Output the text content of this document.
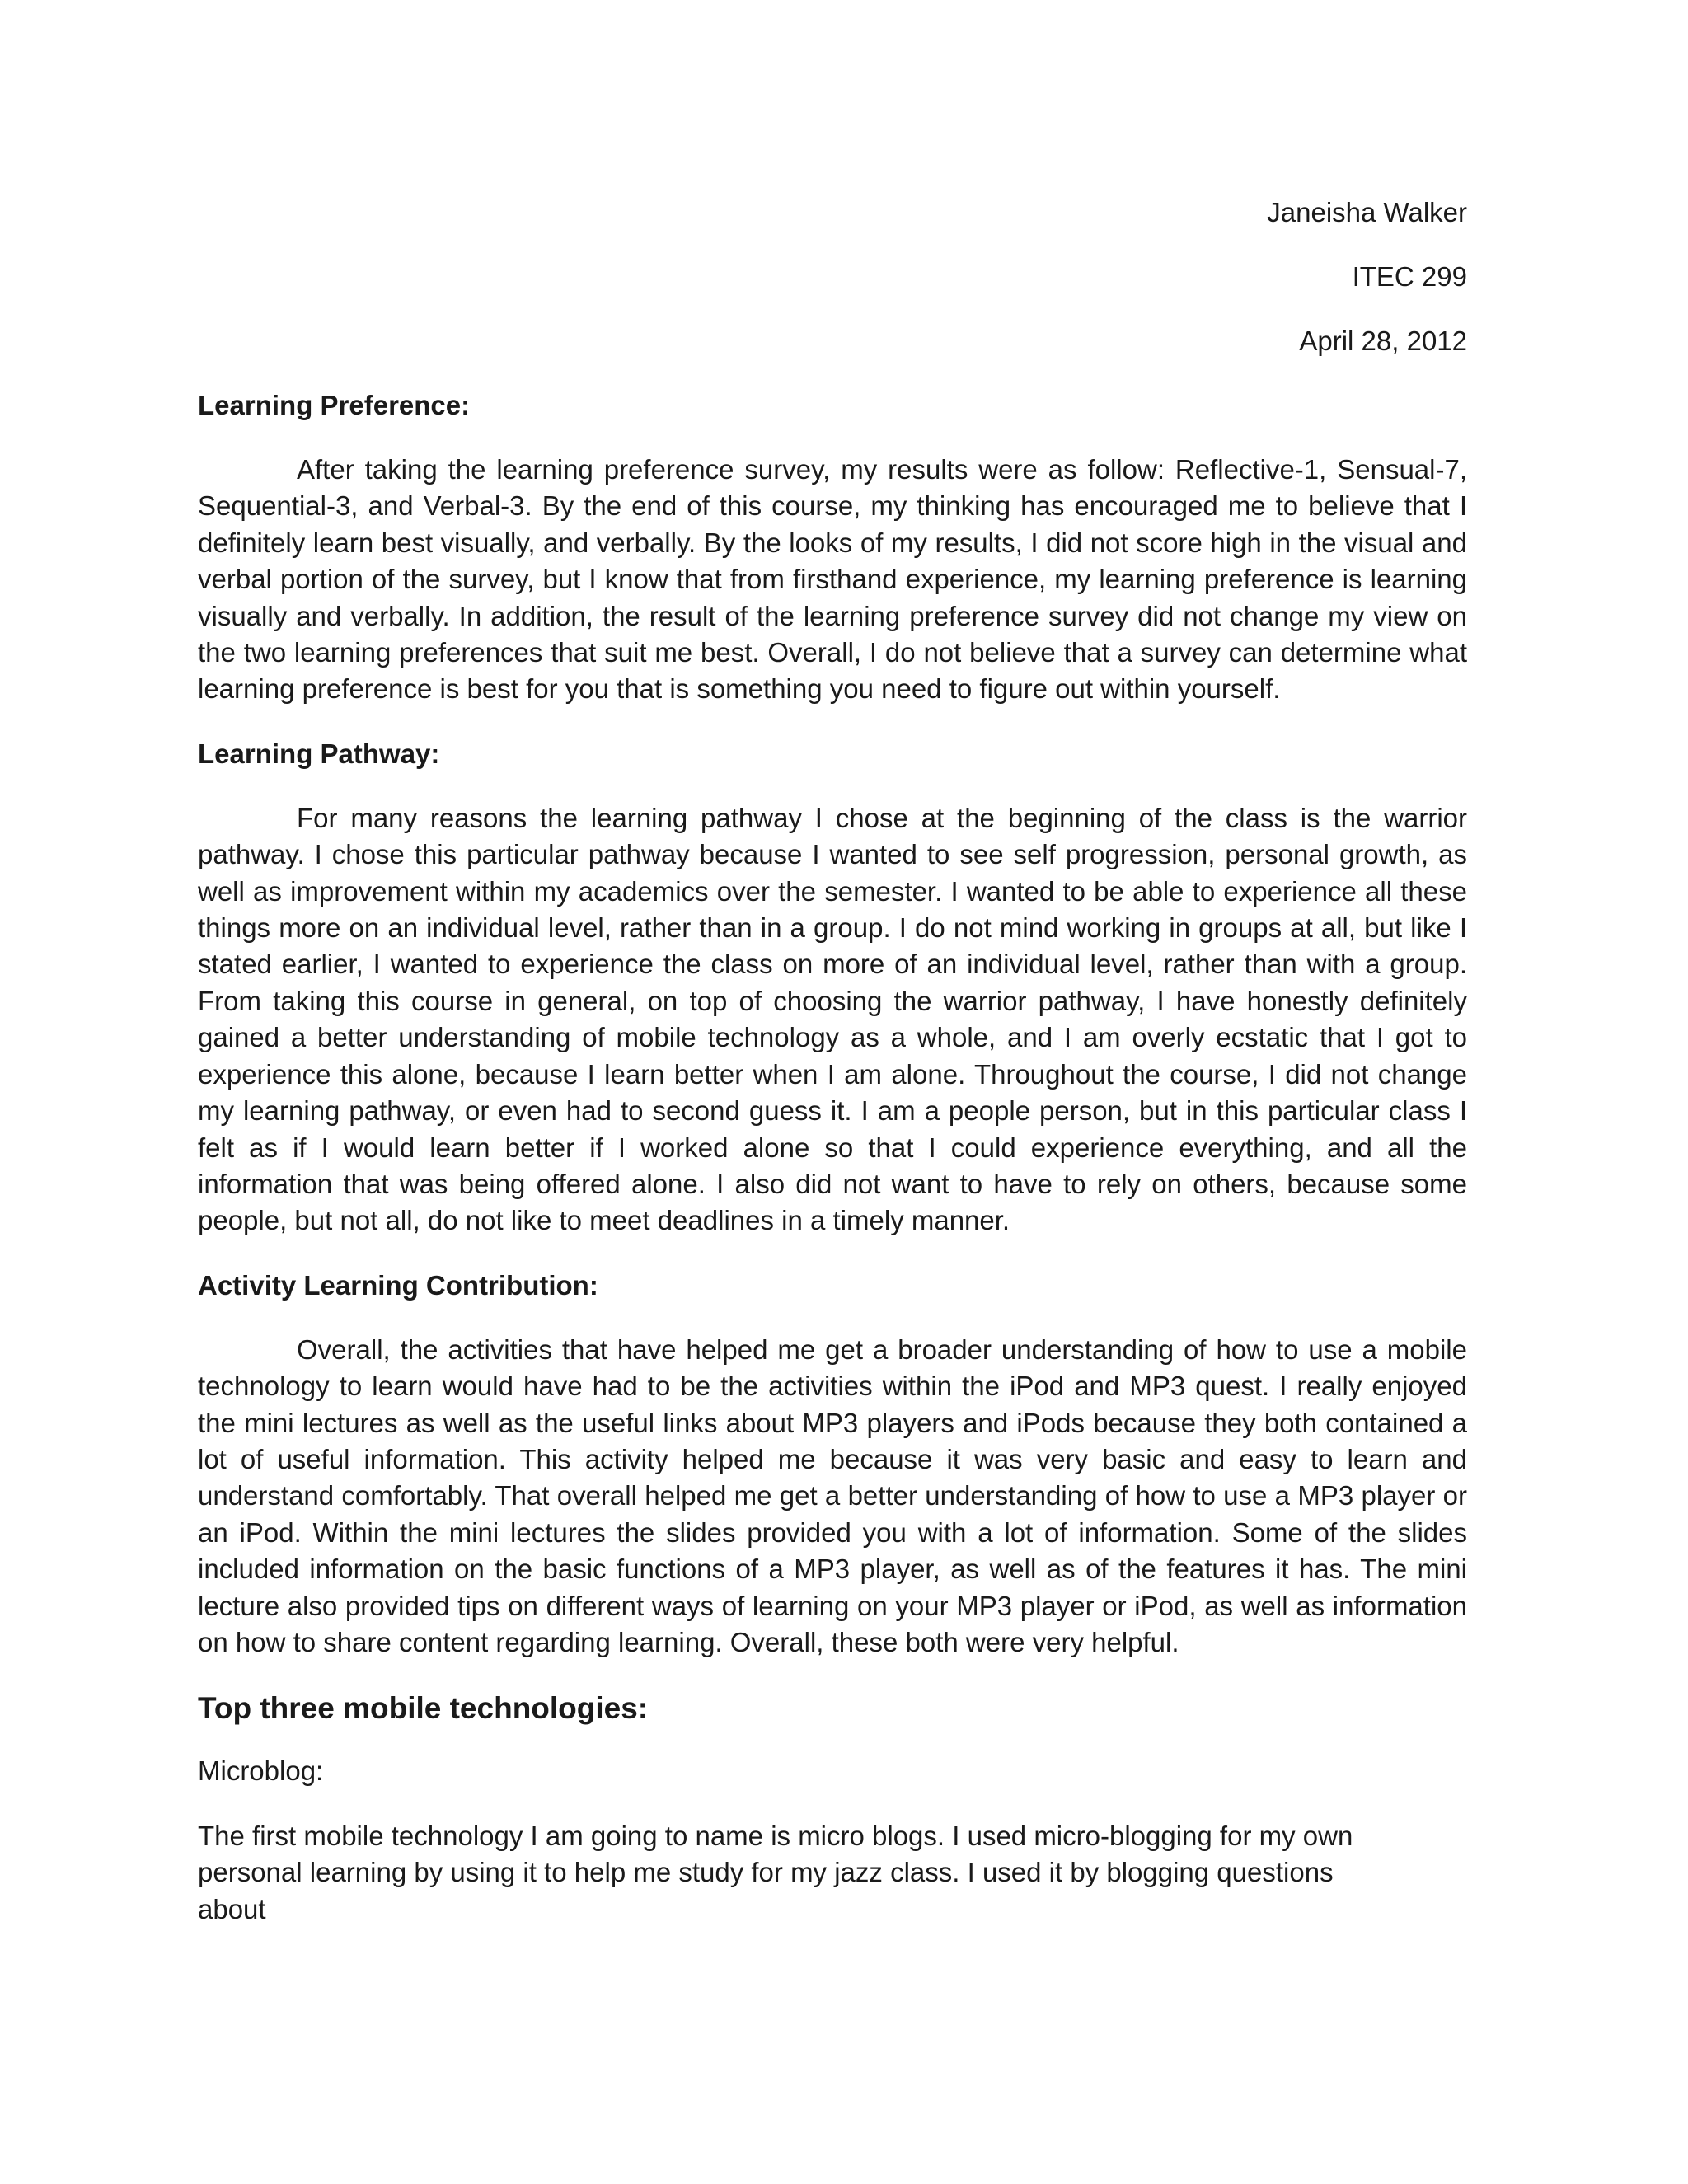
Janeisha Walker
ITEC 299
April 28, 2012

Learning Preference:

After taking the learning preference survey, my results were as follow: Reflective-1, Sensual-7, Sequential-3, and Verbal-3. By the end of this course, my thinking has encouraged me to believe that I definitely learn best visually, and verbally. By the looks of my results, I did not score high in the visual and verbal portion of the survey, but I know that from firsthand experience, my learning preference is learning visually and verbally. In addition, the result of the learning preference survey did not change my view on the two learning preferences that suit me best. Overall, I do not believe that a survey can determine what learning preference is best for you that is something you need to figure out within yourself.

Learning Pathway:

For many reasons the learning pathway I chose at the beginning of the class is the warrior pathway. I chose this particular pathway because I wanted to see self progression, personal growth, as well as improvement within my academics over the semester. I wanted to be able to experience all these things more on an individual level, rather than in a group. I do not mind working in groups at all, but like I stated earlier, I wanted to experience the class on more of an individual level, rather than with a group. From taking this course in general, on top of choosing the warrior pathway, I have honestly definitely gained a better understanding of mobile technology as a whole, and I am overly ecstatic that I got to experience this alone, because I learn better when I am alone. Throughout the course, I did not change my learning pathway, or even had to second guess it. I am a people person, but in this particular class I felt as if I would learn better if I worked alone so that I could experience everything, and all the information that was being offered alone. I also did not want to have to rely on others, because some people, but not all, do not like to meet deadlines in a timely manner.

Activity Learning Contribution:

Overall, the activities that have helped me get a broader understanding of how to use a mobile technology to learn would have had to be the activities within the iPod and MP3 quest. I really enjoyed the mini lectures as well as the useful links about MP3 players and iPods because they both contained a lot of useful information. This activity helped me because it was very basic and easy to learn and understand comfortably. That overall helped me get a better understanding of how to use a MP3 player or an iPod. Within the mini lectures the slides provided you with a lot of information. Some of the slides included information on the basic functions of a MP3 player, as well as of the features it has. The mini lecture also provided tips on different ways of learning on your MP3 player or iPod, as well as information on how to share content regarding learning. Overall, these both were very helpful.

Top three mobile technologies:

Microblog:

The first mobile technology I am going to name is micro blogs. I used micro-blogging for my own personal learning by using it to help me study for my jazz class. I used it by blogging questions about
